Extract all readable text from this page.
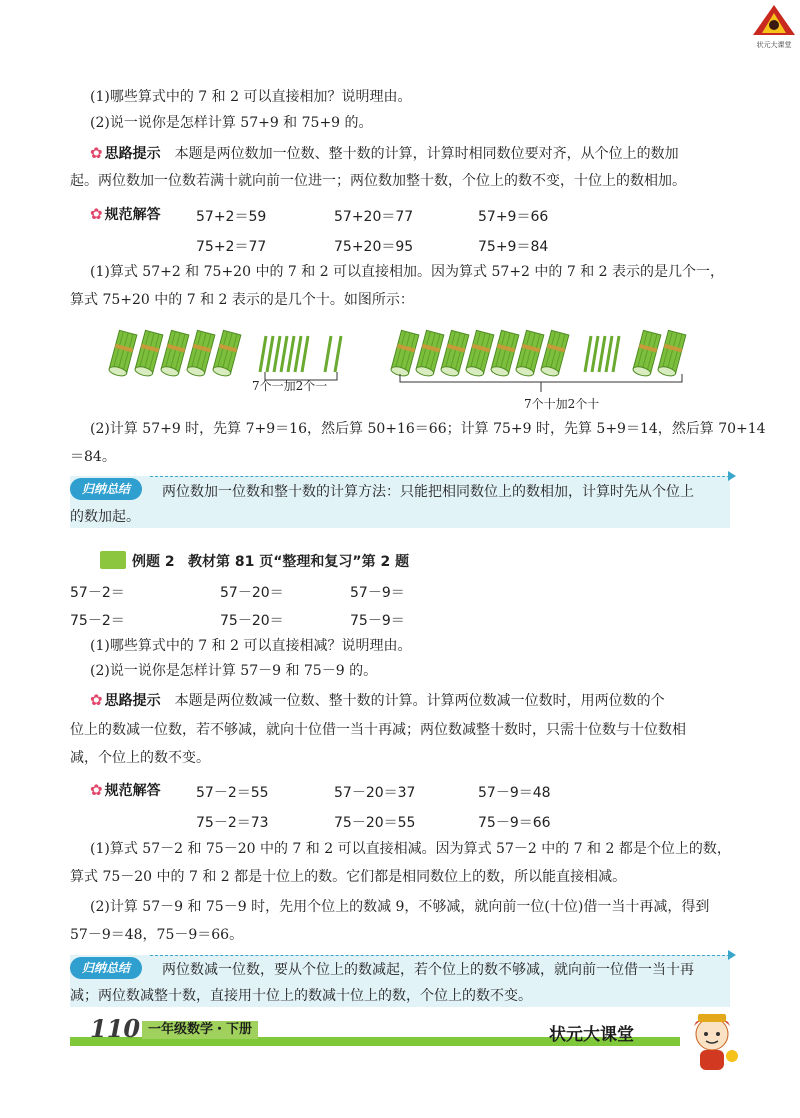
状元大课堂
(1)哪些算式中的 7 和 2 可以直接相加？说明理由。
(2)说一说你是怎样计算 57+9 和 75+9 的。
✿ 思路提示 本题是两位数加一位数、整十数的计算，计算时相同数位要对齐，从个位上的数加
起。两位数加一位数若满十就向前一位进一；两位数加整十数，个位上的数不变，十位上的数相加。
✿ 规范解答	57+2＝59	57+20＝77	57+9＝66
75+2＝77	75+20＝95	75+9＝84
(1)算式 57+2 和 75+20 中的 7 和 2 可以直接相加。因为算式 57+2 中的 7 和 2 表示的是几个一，
算式 75+20 中的 7 和 2 表示的是几个十。如图所示：
7个一加2个一
7个十加2个十
(2)计算 57+9 时，先算 7+9＝16，然后算 50+16＝66；计算 75+9 时，先算 5+9＝14，然后算 70+14
＝84。
归纳总结	两位数加一位数和整十数的计算方法：只能把相同数位上的数相加，计算时先从个位上
的数加起。
例题 2 教材第 81 页“整理和复习”第 2 题
57－2＝	57－20＝	57－9＝
75－2＝	75－20＝	75－9＝
(1)哪些算式中的 7 和 2 可以直接相减？说明理由。
(2)说一说你是怎样计算 57－9 和 75－9 的。
✿ 思路提示 本题是两位数减一位数、整十数的计算。计算两位数减一位数时，用两位数的个
位上的数减一位数，若不够减，就向十位借一当十再减；两位数减整十数时，只需十位数与十位数相
减，个位上的数不变。
✿ 规范解答	57－2＝55	57－20＝37	57－9＝48
75－2＝73	75－20＝55	75－9＝66
(1)算式 57－2 和 75－20 中的 7 和 2 可以直接相减。因为算式 57－2 中的 7 和 2 都是个位上的数，
算式 75－20 中的 7 和 2 都是十位上的数。它们都是相同数位上的数，所以能直接相减。
(2)计算 57－9 和 75－9 时，先用个位上的数减 9，不够减，就向前一位(十位)借一当十再减，得到
57－9＝48，75－9＝66。
归纳总结	两位数减一位数，要从个位上的数减起，若个位上的数不够减，就向前一位借一当十再
减；两位数减整十数，直接用十位上的数减十位上的数，个位上的数不变。
110 一年级数学・下册	状元大课堂
